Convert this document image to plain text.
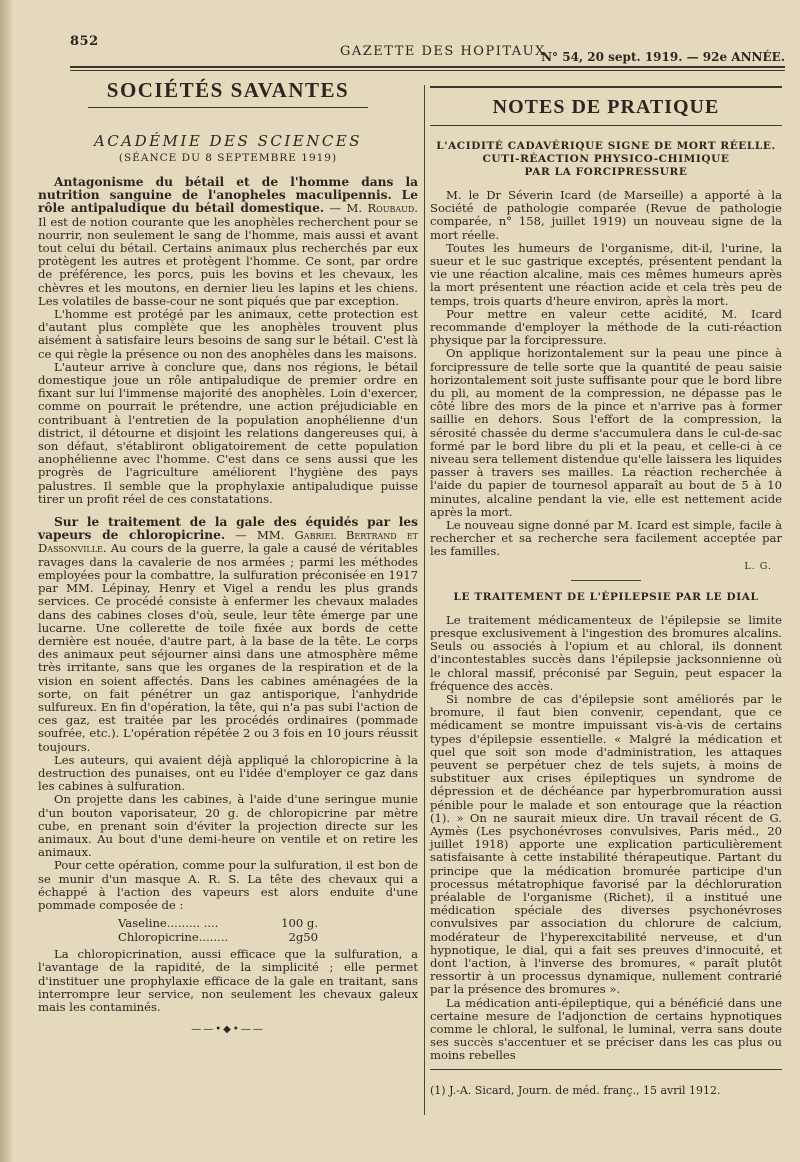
852
GAZETTE DES HOPITAUX
N° 54, 20 sept. 1919. — 92e ANNÉE.
SOCIÉTÉS SAVANTES
ACADÉMIE DES SCIENCES
(SÉANCE DU 8 SEPTEMBRE 1919)

Antagonisme du bétail et de l'homme dans la nutrition sanguine de l'anopheles maculipennis. Le rôle antipaludique du bétail domestique. — M. Roubaud. Il est de notion courante que les anophèles recherchent pour se nourrir, non seulement le sang de l'homme, mais aussi et avant tout celui du bétail. Certains animaux plus recherchés par eux protègent les autres et protègent l'homme. Ce sont, par ordre de préférence, les porcs, puis les bovins et les chevaux, les chèvres et les moutons, en dernier lieu les lapins et les chiens. Les volatiles de basse-cour ne sont piqués que par exception.

L'homme est protégé par les animaux, cette protection est d'autant plus complète que les anophèles trouvent plus aisément à satisfaire leurs besoins de sang sur le bétail. C'est là ce qui règle la présence ou non des anophèles dans les maisons.

L'auteur arrive à conclure que, dans nos régions, le bétail domestique joue un rôle antipaludique de premier ordre en fixant sur lui l'immense majorité des anophèles. Loin d'exercer, comme on pourrait le prétendre, une action préjudiciable en contribuant à l'entretien de la population anophélienne d'un district, il détourne et disjoint les relations dangereuses qui, à son défaut, s'établiront obligatoirement de cette population anophélienne avec l'homme. C'est dans ce sens aussi que les progrès de l'agriculture améliorent l'hygiène des pays palustres. Il semble que la prophylaxie antipaludique puisse tirer un profit réel de ces constatations.

Sur le traitement de la gale des équidés par les vapeurs de chloropicrine. — MM. Gabriel Bertrand et Dassonville. Au cours de la guerre, la gale a causé de véritables ravages dans la cavalerie de nos armées ; parmi les méthodes employées pour la combattre, la sulfuration préconisée en 1917 par MM. Lépinay, Henry et Vigel a rendu les plus grands services. Ce procédé consiste à enfermer les chevaux malades dans des cabines closes d'où, seule, leur tête émerge par une lucarne. Une collerette de toile fixée aux bords de cette dernière est nouée, d'autre part, à la base de la tête. Le corps des animaux peut séjourner ainsi dans une atmosphère même très irritante, sans que les organes de la respiration et de la vision en soient affectés. Dans les cabines aménagées de la sorte, on fait pénétrer un gaz antisporique, l'anhydride sulfureux. En fin d'opération, la tête, qui n'a pas subi l'action de ces gaz, est traitée par les procédés ordinaires (pommade soufrée, etc.). L'opération répétée 2 ou 3 fois en 10 jours réussit toujours.

Les auteurs, qui avaient déjà appliqué la chloropicrine à la destruction des punaises, ont eu l'idée d'employer ce gaz dans les cabines à sulfuration.

On projette dans les cabines, à l'aide d'une seringue munie d'un bouton vaporisateur, 20 g. de chloropicrine par mètre cube, en prenant soin d'éviter la projection directe sur les animaux. Au bout d'une demi-heure on ventile et on retire les animaux.

Pour cette opération, comme pour la sulfuration, il est bon de se munir d'un masque A. R. S. La tête des chevaux qui a échappé à l'action des vapeurs est alors enduite d'une pommade composée de :

Vaseline......... ....	100 g.
Chloropicrine........	2g50

La chloropicrination, aussi efficace que la sulfuration, a l'avantage de la rapidité, de la simplicité ; elle permet d'instituer une prophylaxie efficace de la gale en traitant, sans interrompre leur service, non seulement les chevaux galeux mais les contaminés.

——•◆•——
NOTES DE PRATIQUE
L'ACIDITÉ CADAVÉRIQUE SIGNE DE MORT RÉELLE.
CUTI-RÉACTION PHYSICO-CHIMIQUE
PAR LA FORCIPRESSURE

M. le Dr Séverin Icard (de Marseille) a apporté à la Société de pathologie comparée (Revue de pathologie comparée, n° 158, juillet 1919) un nouveau signe de la mort réelle.

Toutes les humeurs de l'organisme, dit-il, l'urine, la sueur et le suc gastrique exceptés, présentent pendant la vie une réaction alcaline, mais ces mêmes humeurs après la mort présentent une réaction acide et cela très peu de temps, trois quarts d'heure environ, après la mort.

Pour mettre en valeur cette acidité, M. Icard recommande d'employer la méthode de la cuti-réaction physique par la forcipressure.

On applique horizontalement sur la peau une pince à forcipressure de telle sorte que la quantité de peau saisie horizontalement soit juste suffisante pour que le bord libre du pli, au moment de la compression, ne dépasse pas le côté libre des mors de la pince et n'arrive pas à former saillie en dehors. Sous l'effort de la compression, la sérosité chassée du derme s'accumulera dans le cul-de-sac formé par le bord libre du pli et la peau, et celle-ci à ce niveau sera tellement distendue qu'elle laissera les liquides passer à travers ses mailles. La réaction recherchée à l'aide du papier de tournesol apparaît au bout de 5 à 10 minutes, alcaline pendant la vie, elle est nettement acide après la mort.

Le nouveau signe donné par M. Icard est simple, facile à rechercher et sa recherche sera facilement acceptée par les familles.

L. G.
LE TRAITEMENT DE L'ÉPILEPSIE PAR LE DIAL

Le traitement médicamenteux de l'épilepsie se limite presque exclusivement à l'ingestion des bromures alcalins. Seuls ou associés à l'opium et au chloral, ils donnent d'incontestables succès dans l'épilepsie jacksonnienne où le chloral massif, préconisé par Seguin, peut espacer la fréquence des accès.

Si nombre de cas d'épilepsie sont améliorés par le bromure, il faut bien convenir, cependant, que ce médicament se montre impuissant vis-à-vis de certains types d'épilepsie essentielle. « Malgré la médication et quel que soit son mode d'administration, les attaques peuvent se perpétuer chez de tels sujets, à moins de substituer aux crises épileptiques un syndrome de dépression et de déchéance par hyperbromuration aussi pénible pour le malade et son entourage que la réaction (1). » On ne saurait mieux dire. Un travail récent de G. Aymès (Les psychonévroses convulsives, Paris méd., 20 juillet 1918) apporte une explication particulièrement satisfaisante à cette instabilité thérapeutique. Partant du principe que la médication bromurée participe d'un processus métatrophique favorisé par la déchloruration préalable de l'organisme (Richet), il a institué une médication spéciale des diverses psychonévroses convulsives par association du chlorure de calcium, modérateur de l'hyperexcitabilité nerveuse, et d'un hypnotique, le dial, qui a fait ses preuves d'innocuité, et dont l'action, à l'inverse des bromures, « paraît plutôt ressortir à un processus dynamique, nullement contrarié par la présence des bromures ».

La médication anti-épileptique, qui a bénéficié dans une certaine mesure de l'adjonction de certains hypnotiques comme le chloral, le sulfonal, le luminal, verra sans doute ses succès s'accentuer et se préciser dans les cas plus ou moins rebelles

(1) J.-A. Sicard, Journ. de méd. franç., 15 avril 1912.
